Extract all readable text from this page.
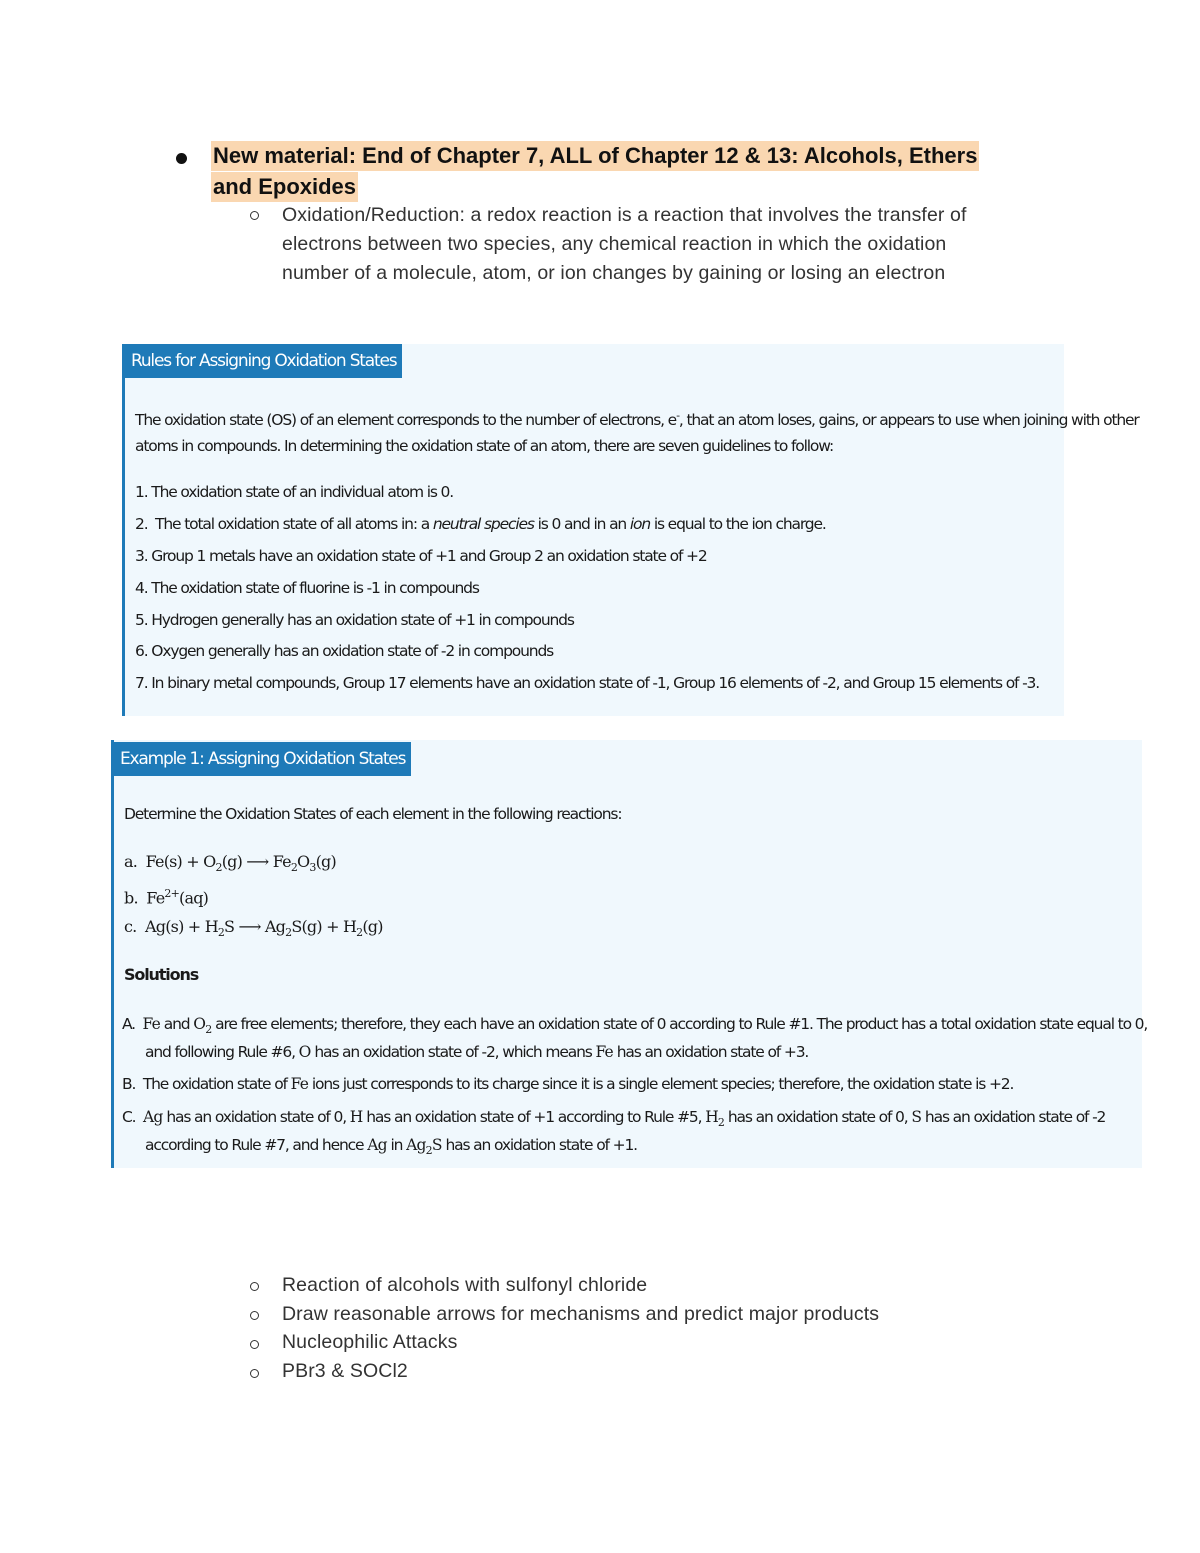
New material: End of Chapter 7, ALL of Chapter 12 & 13: Alcohols, Ethers
and Epoxides
Oxidation/Reduction: a redox reaction is a reaction that involves the transfer of
electrons between two species, any chemical reaction in which the oxidation
number of a molecule, atom, or ion changes by gaining or losing an electron
Rules for Assigning Oxidation States
The oxidation state (OS) of an element corresponds to the number of electrons, e-, that an atom loses, gains, or appears to use when joining with other
atoms in compounds. In determining the oxidation state of an atom, there are seven guidelines to follow:
1. The oxidation state of an individual atom is 0.
2.  The total oxidation state of all atoms in: a neutral species is 0 and in an ion is equal to the ion charge.
3. Group 1 metals have an oxidation state of +1 and Group 2 an oxidation state of +2
4. The oxidation state of fluorine is -1 in compounds
5. Hydrogen generally has an oxidation state of +1 in compounds
6. Oxygen generally has an oxidation state of -2 in compounds
7. In binary metal compounds, Group 17 elements have an oxidation state of -1, Group 16 elements of -2, and Group 15 elements of -3.
Example 1: Assigning Oxidation States
Determine the Oxidation States of each element in the following reactions:
a.  $Fe(s) + O_2(g)$ ⟶ $Fe_2O_3(g)$
b.  $Fe^{2+}(aq)$
c.  $Ag(s) + H_2S$ ⟶ $Ag_2S(g) + H_2(g)$
Solutions
A.  Fe and $O_2$ are free elements; therefore, they each have an oxidation state of 0 according to Rule #1. The product has a total oxidation state equal to 0,
and following Rule #6, O has an oxidation state of -2, which means Fe has an oxidation state of +3.
B.  The oxidation state of Fe ions just corresponds to its charge since it is a single element species; therefore, the oxidation state is +2.
C.  Ag has an oxidation state of 0, H has an oxidation state of +1 according to Rule #5, $H_2$ has an oxidation state of 0, S has an oxidation state of -2
according to Rule #7, and hence Ag in $Ag_2S$ has an oxidation state of +1.
Reaction of alcohols with sulfonyl chloride
Draw reasonable arrows for mechanisms and predict major products
Nucleophilic Attacks
PBr3 & SOCl2
